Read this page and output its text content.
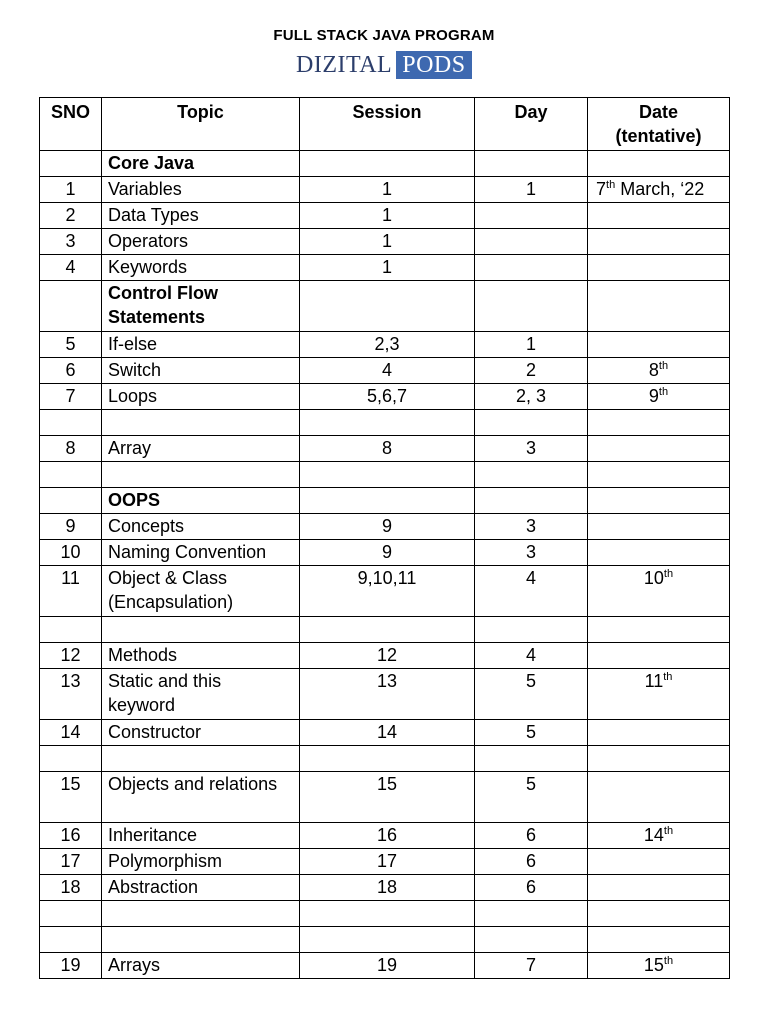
FULL STACK JAVA PROGRAM
DIZITAL PODS
SNO	Topic	Session	Day	Date
(tentative)
	Core Java			
1	Variables	1	1	7th March, ‘22
2	Data Types	1		
3	Operators	1		
4	Keywords	1		
	Control Flow Statements			
5	If-else	2,3	1	
6	Switch	4	2	8th
7	Loops	5,6,7	2, 3	9th

8	Array	8	3	

	OOPS			
9	Concepts	9	3	
10	Naming Convention	9	3	
11	Object & Class (Encapsulation)	9,10,11	4	10th

12	Methods	12	4	
13	Static and this keyword	13	5	11th
14	Constructor	14	5	

15	Objects and relations	15	5	
16	Inheritance	16	6	14th
17	Polymorphism	17	6	
18	Abstraction	18	6	

19	Arrays	19	7	15th
